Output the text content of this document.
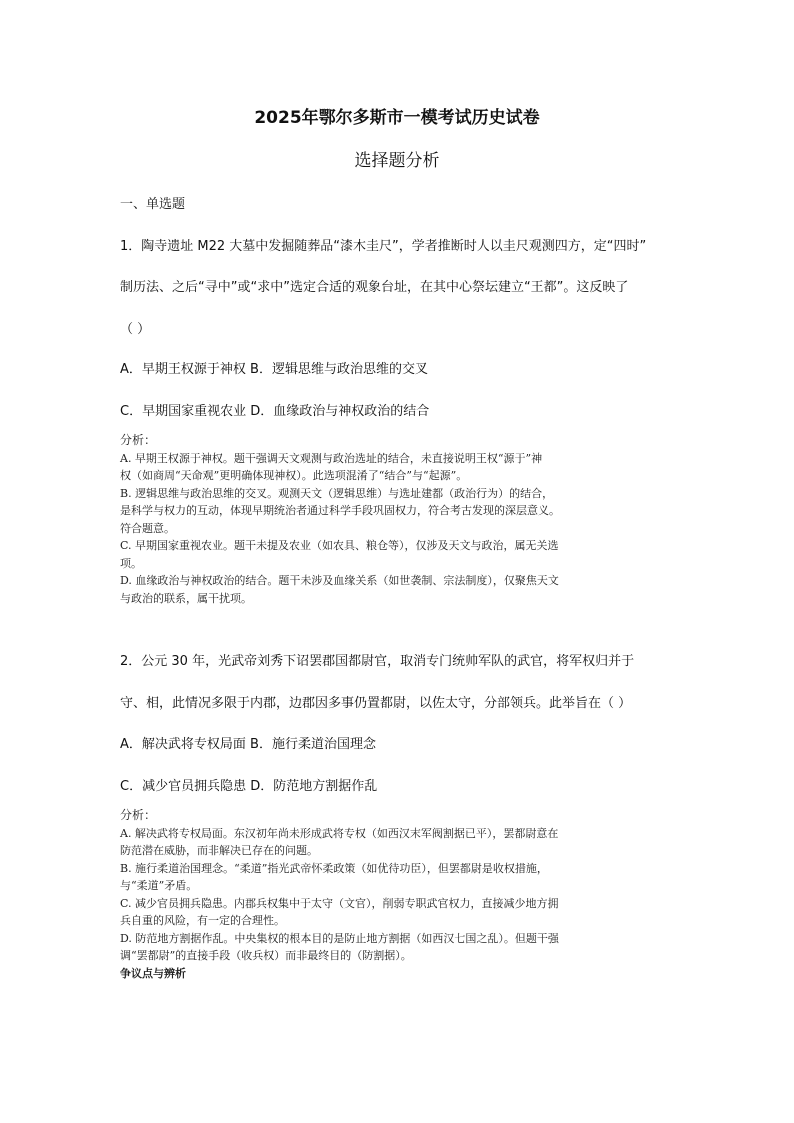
2025年鄂尔多斯市一模考试历史试卷
选择题分析
一、单选题
1．陶寺遗址 M22 大墓中发掘随葬品“漆木圭尺”，学者推断时人以圭尺观测四方，定“四时”
制历法、之后“寻中”或“求中”选定合适的观象台址，在其中心祭坛建立“王都”。这反映了
（ ）
A．早期王权源于神权 B．逻辑思维与政治思维的交叉
C．早期国家重视农业 D．血缘政治与神权政治的结合

分析：

A. 早期王权源于神权。题干强调天文观测与政治选址的结合，未直接说明王权“源于”神

权（如商周“天命观”更明确体现神权）。此选项混淆了“结合”与“起源”。

B. 逻辑思维与政治思维的交叉。观测天文（逻辑思维）与选址建都（政治行为）的结合，

是科学与权力的互动，体现早期统治者通过科学手段巩固权力，符合考古发现的深层意义。

符合题意。

C. 早期国家重视农业。题干未提及农业（如农具、粮仓等），仅涉及天文与政治，属无关选

项。

D. 血缘政治与神权政治的结合。题干未涉及血缘关系（如世袭制、宗法制度），仅聚焦天文

与政治的联系，属干扰项。

2．公元 30 年，光武帝刘秀下诏罢郡国都尉官，取消专门统帅军队的武官，将军权归并于
守、相，此情况多限于内郡，边郡因多事仍置都尉，以佐太守，分部领兵。此举旨在（ ）
A．解决武将专权局面 B．施行柔道治国理念
C．减少官员拥兵隐患 D．防范地方割据作乱

分析：

A. 解决武将专权局面。东汉初年尚未形成武将专权（如西汉末军阀割据已平），罢都尉意在

防范潜在威胁，而非解决已存在的问题。

B. 施行柔道治国理念。“柔道”指光武帝怀柔政策（如优待功臣），但罢都尉是收权措施，

与“柔道”矛盾。

C. 减少官员拥兵隐患。内郡兵权集中于太守（文官），削弱专职武官权力，直接减少地方拥

兵自重的风险，有一定的合理性。

D. 防范地方割据作乱。中央集权的根本目的是防止地方割据（如西汉七国之乱）。但题干强

调“罢都尉”的直接手段（收兵权）而非最终目的（防割据）。

争议点与辨析
